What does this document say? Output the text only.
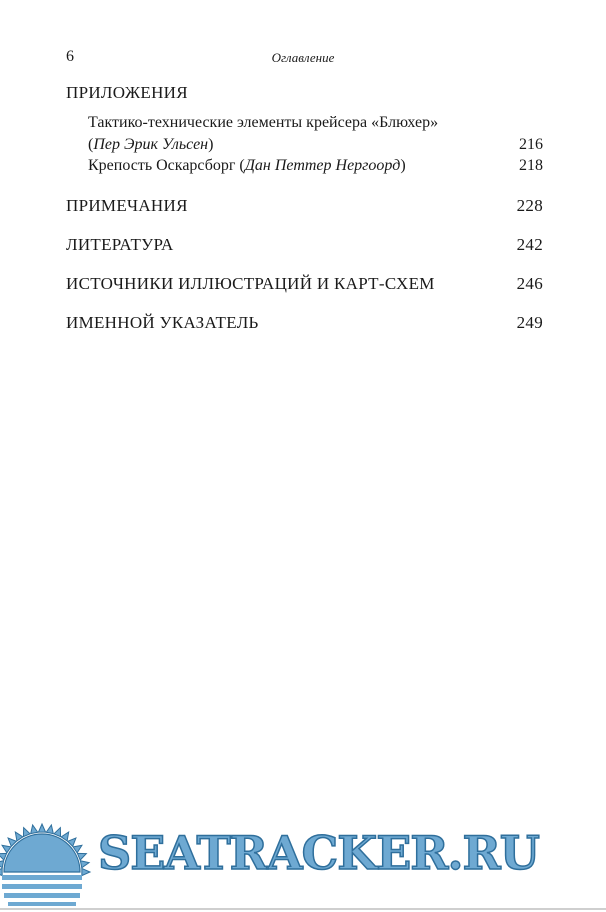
6	Оглавление
ПРИЛОЖЕНИЯ
Тактико-технические элементы крейсера «Блюхер»
(Пер Эрик Ульсен)	216
Крепость Оскарсборг (Дан Петтер Нергоорд)	218
ПРИМЕЧАНИЯ	228
ЛИТЕРАТУРА	242
ИСТОЧНИКИ ИЛЛЮСТРАЦИЙ И КАРТ-СХЕМ	246
ИМЕННОЙ УКАЗАТЕЛЬ	249
SEATRACKER.RU
